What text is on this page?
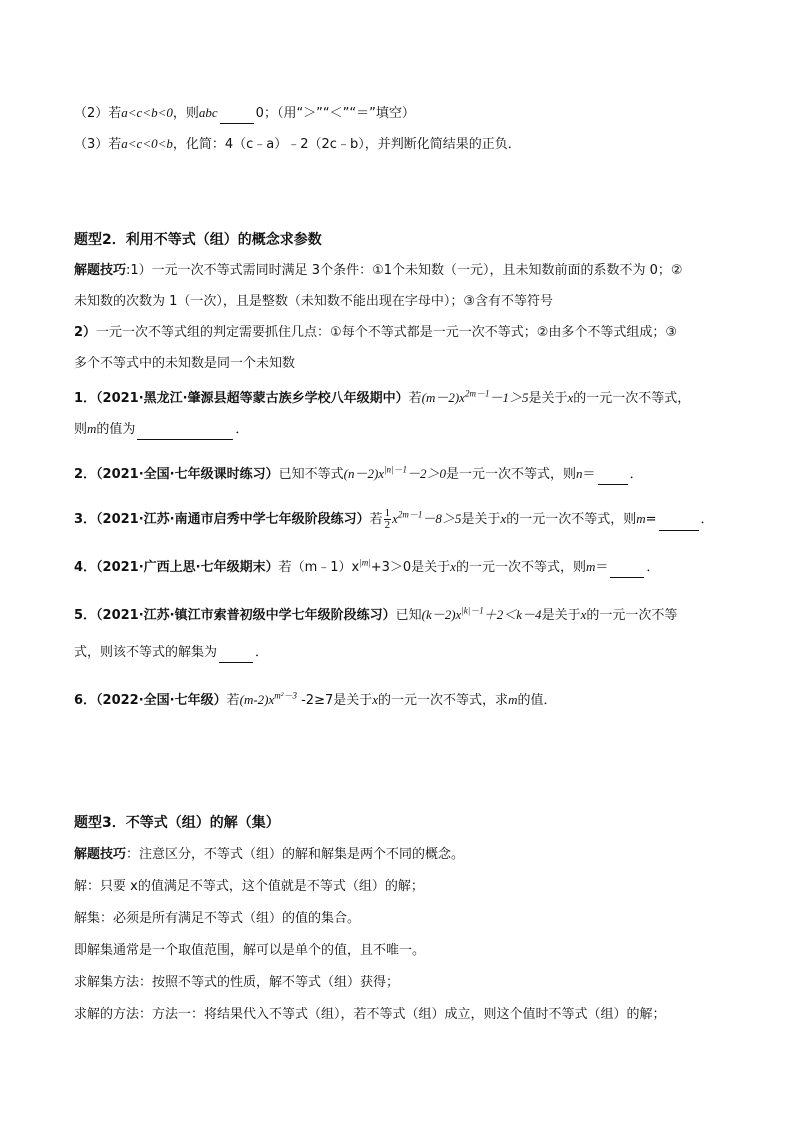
（2）若a<c<b<0，则abc	0；（用“＞”“＜”“＝”填空）
（3）若a<c<0<b，化简：4（c﹣a）﹣2（2c﹣b），并判断化简结果的正负．
题型2．利用不等式（组）的概念求参数
解题技巧:1）一元一次不等式需同时满足 3个条件：①1个未知数（一元），且未知数前面的系数不为 0；②
未知数的次数为 1（一次），且是整数（未知数不能出现在字母中）；③含有不等符号
2）一元一次不等式组的判定需要抓住几点：①每个不等式都是一元一次不等式；②由多个不等式组成；③
多个不等式中的未知数是同一个未知数
1．（2021·黑龙江·肇源县超等蒙古族乡学校八年级期中）若$(m-2)x^{2m-1}-1>5$是关于x的一元一次不等式，
则m的值为	．
2．（2021·全国·七年级课时练习）已知不等式$(n-2)x^{|n|-1}-2>0$是一元一次不等式，则n＝	．
3．（2021·江苏·南通市启秀中学七年级阶段练习）若 $\frac{1}{2} x^{2m-1}-8>5$是关于x的一元一次不等式，则m=	．
4．（2021·广西上思·七年级期末）若$(m﹣1)x^{|m|}+3>0$是关于x的一元一次不等式，则m＝	．
5．（2021·江苏·镇江市索普初级中学七年级阶段练习）已知$(k-2)x^{|k|-1}+2<k-4$是关于x的一元一次不等
式，则该不等式的解集为	．
6．（2022·全国·七年级）若$(m-2)x^{m^2-3}$ -2≥7是关于x的一元一次不等式，求m的值．
题型3．不等式（组）的解（集）
解题技巧：注意区分，不等式（组）的解和解集是两个不同的概念。
解：只要 x的值满足不等式，这个值就是不等式（组）的解；
解集：必须是所有满足不等式（组）的值的集合。
即解集通常是一个取值范围，解可以是单个的值，且不唯一。
求解集方法：按照不等式的性质，解不等式（组）获得；
求解的方法：方法一：将结果代入不等式（组），若不等式（组）成立，则这个值时不等式（组）的解；
